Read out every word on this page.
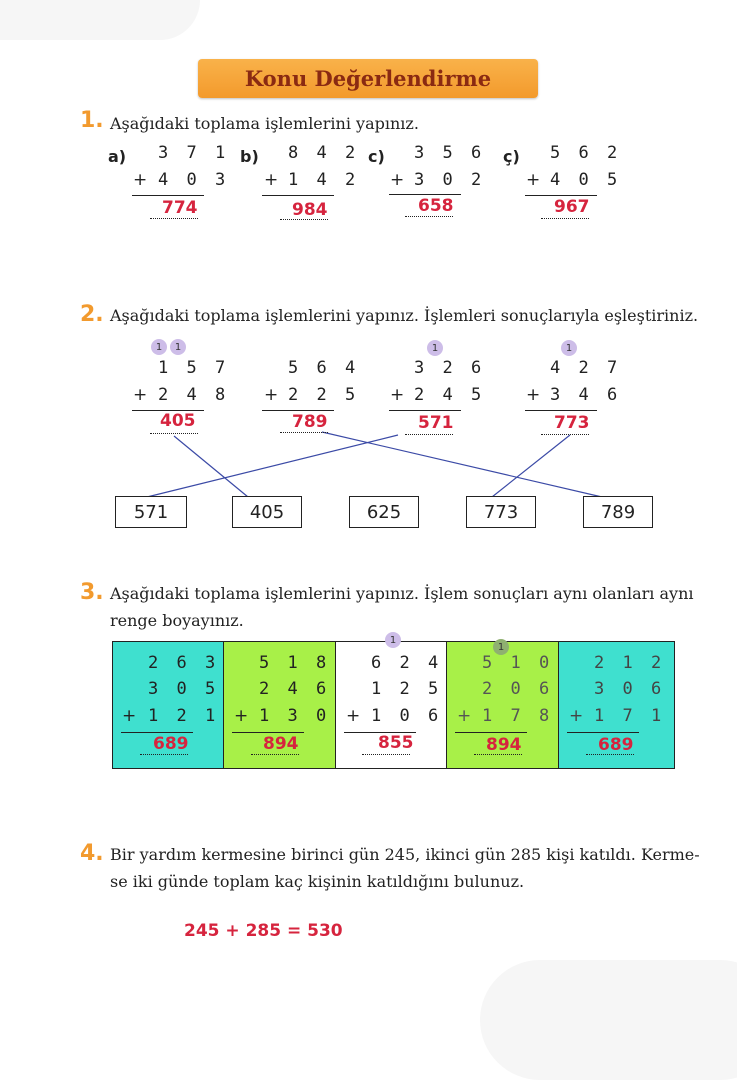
Konu Değerlendirme
1. Aşağıdaki toplama işlemlerini yapınız.
a) 3 7 1
+ 4 0 3
774
b) 8 4 2
+ 1 4 2
984
c) 3 5 6
+ 3 0 2
658
ç) 5 6 2
+ 4 0 5
967
2. Aşağıdaki toplama işlemlerini yapınız. İşlemleri sonuçlarıyla eşleştiriniz.
1	1
1 5 7
+ 2 4 8
405
5 6 4
+ 2 2 5
789
1
3 2 6
+ 2 4 5
571
1
4 2 7
+ 3 4 6
773
571	405	625	773	789
3. Aşağıdaki toplama işlemlerini yapınız. İşlem sonuçları aynı olanları aynı
renge boyayınız.
1
1
2 6 3
3 0 5
+ 1 2 1
689
5 1 8
2 4 6
+ 1 3 0
894
6 2 4
1 2 5
+ 1 0 6
855
5 1 0
2 0 6
+ 1 7 8
894
2 1 2
3 0 6
+ 1 7 1
689
4. Bir yardım kermesine birinci gün 245, ikinci gün 285 kişi katıldı. Kerme-
se iki günde toplam kaç kişinin katıldığını bulunuz.
245 + 285 = 530
